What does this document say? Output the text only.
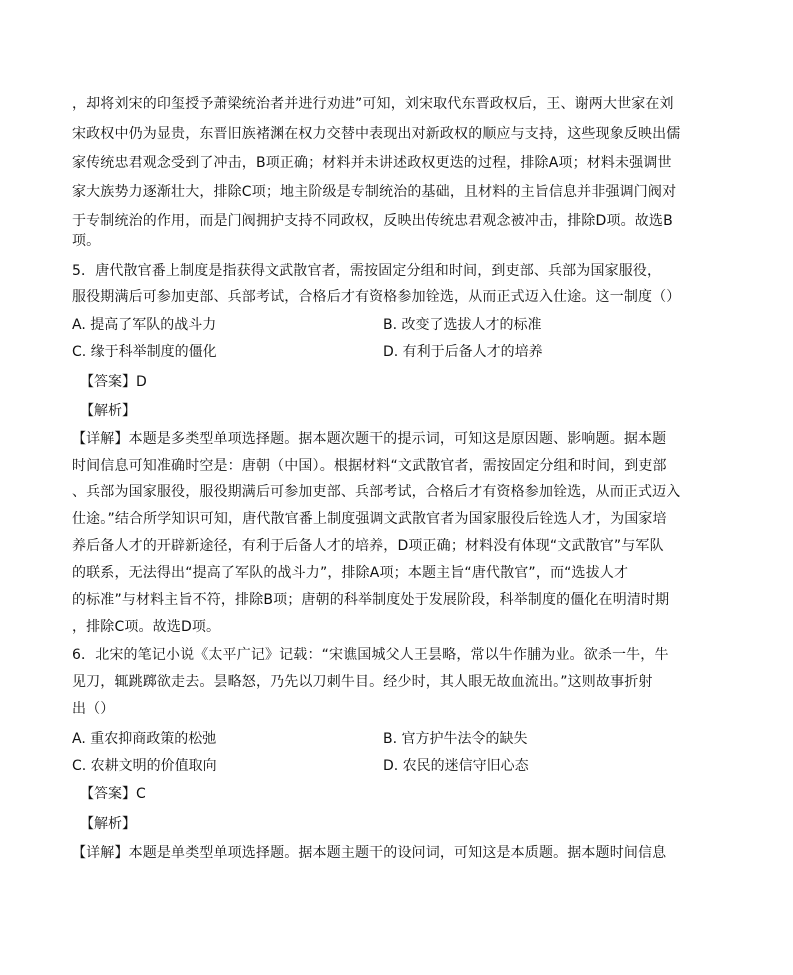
，却将刘宋的印玺授予萧梁统治者并进行劝进”可知，刘宋取代东晋政权后，王、谢两大世家在刘
宋政权中仍为显贵，东晋旧族褚渊在权力交替中表现出对新政权的顺应与支持，这些现象反映出儒
家传统忠君观念受到了冲击，B项正确；材料并未讲述政权更迭的过程，排除A项；材料未强调世
家大族势力逐渐壮大，排除C项；地主阶级是专制统治的基础，且材料的主旨信息并非强调门阀对
于专制统治的作用，而是门阀拥护支持不同政权，反映出传统忠君观念被冲击，排除D项。故选B
项。
5．唐代散官番上制度是指获得文武散官者，需按固定分组和时间，到吏部、兵部为国家服役，
服役期满后可参加吏部、兵部考试，合格后才有资格参加铨选，从而正式迈入仕途。这一制度（）
A. 提高了军队的战斗力	B. 改变了选拔人才的标准
C. 缘于科举制度的僵化	D. 有利于后备人才的培养
【答案】D
【解析】
【详解】本题是多类型单项选择题。据本题次题干的提示词，可知这是原因题、影响题。据本题
时间信息可知准确时空是：唐朝（中国）。根据材料“文武散官者，需按固定分组和时间，到吏部
、兵部为国家服役，服役期满后可参加吏部、兵部考试，合格后才有资格参加铨选，从而正式迈入
仕途。”结合所学知识可知，唐代散官番上制度强调文武散官者为国家服役后铨选人才，为国家培
养后备人才的开辟新途径，有利于后备人才的培养，D项正确；材料没有体现“文武散官”与军队
的联系，无法得出“提高了军队的战斗力”，排除A项；本题主旨“唐代散官”，而“选拔人才
的标准”与材料主旨不符，排除B项；唐朝的科举制度处于发展阶段，科举制度的僵化在明清时期
，排除C项。故选D项。
6．北宋的笔记小说《太平广记》记载：“宋谯国城父人王昙略，常以牛作脯为业。欲杀一牛，牛
见刀，辄跳踯欲走去。昙略怒，乃先以刀刺牛目。经少时，其人眼无故血流出。”这则故事折射
出（）
A. 重农抑商政策的松弛	B. 官方护牛法令的缺失
C. 农耕文明的价值取向	D. 农民的迷信守旧心态
【答案】C
【解析】
【详解】本题是单类型单项选择题。据本题主题干的设问词，可知这是本质题。据本题时间信息
